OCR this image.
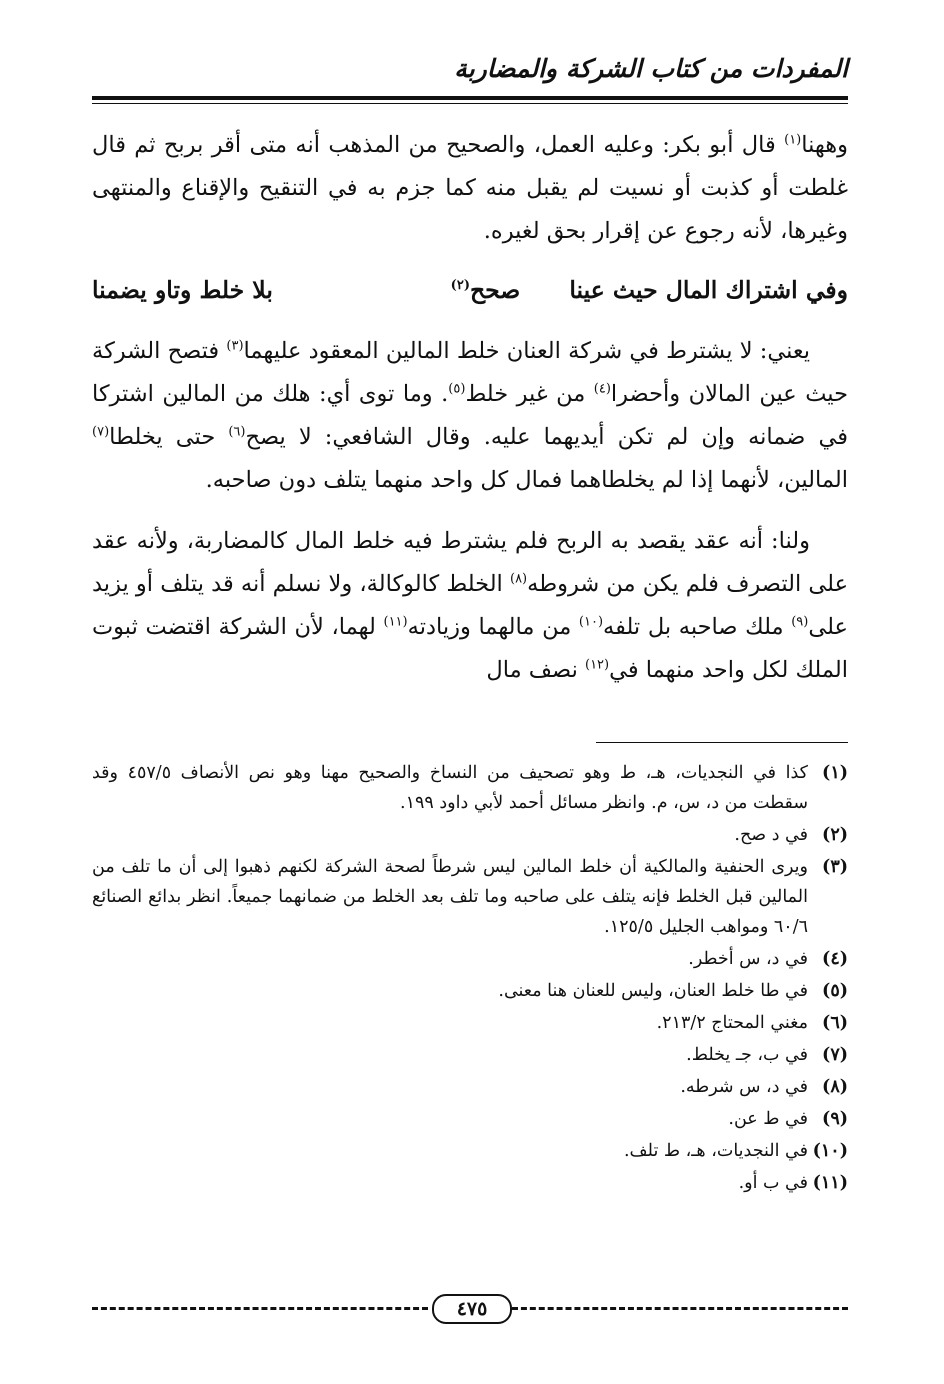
المفردات من كتاب الشركة والمضاربة

وههنا$^{(١)}$ قال أبو بكر: وعليه العمل، والصحيح من المذهب أنه متى أقر بربح ثم قال غلطت أو كذبت أو نسيت لم يقبل منه كما جزم به في التنقيح والإقناع والمنتهى وغيرها، لأنه رجوع عن إقرار بحق لغيره.

وفي اشتراك المال حيث عينا      صحح$^{(٢)}$
بلا خلط وتاو يضمنا

يعني: لا يشترط في شركة العنان خلط المالين المعقود عليهما$^{(٣)}$ فتصح الشركة حيث عين المالان وأحضرا$^{(٤)}$ من غير خلط$^{(٥)}$. وما توى أي: هلك من المالين اشتركا في ضمانه وإن لم تكن أيديهما عليه. وقال الشافعي: لا يصح$^{(٦)}$ حتى يخلطا$^{(٧)}$ المالين، لأنهما إذا لم يخلطاهما فمال كل واحد منهما يتلف دون صاحبه.

ولنا: أنه عقد يقصد به الربح فلم يشترط فيه خلط المال كالمضاربة، ولأنه عقد على التصرف فلم يكن من شروطه$^{(٨)}$ الخلط كالوكالة، ولا نسلم أنه قد يتلف أو يزيد على$^{(٩)}$ ملك صاحبه بل تلفه$^{(١٠)}$ من مالهما وزيادته$^{(١١)}$ لهما، لأن الشركة اقتضت ثبوت الملك لكل واحد منهما في$^{(١٢)}$ نصف مال

(١)
كذا في النجديات، هـ، ط وهو تصحيف من النساخ والصحيح مهنا وهو نص الأنصاف ٤٥٧/٥ وقد سقطت من د، س، م. وانظر مسائل أحمد لأبي داود ١٩٩.
(٢)
في د صح.
(٣)
ويرى الحنفية والمالكية أن خلط المالين ليس شرطاً لصحة الشركة لكنهم ذهبوا إلى أن ما تلف من المالين قبل الخلط فإنه يتلف على صاحبه وما تلف بعد الخلط من ضمانهما جميعاً. انظر بدائع الصنائع ٦٠/٦ ومواهب الجليل ١٢٥/٥.
(٤)
في د، س أخطر.
(٥)
في طا خلط العنان، وليس للعنان هنا معنى.
(٦)
مغني المحتاج ٢١٣/٢.
(٧)
في ب، جـ يخلط.
(٨)
في د، س شرطه.
(٩)
في ط عن.
(١٠)
في النجديات، هـ، ط تلف.
(١١)
في ب أو.
٤٧٥
